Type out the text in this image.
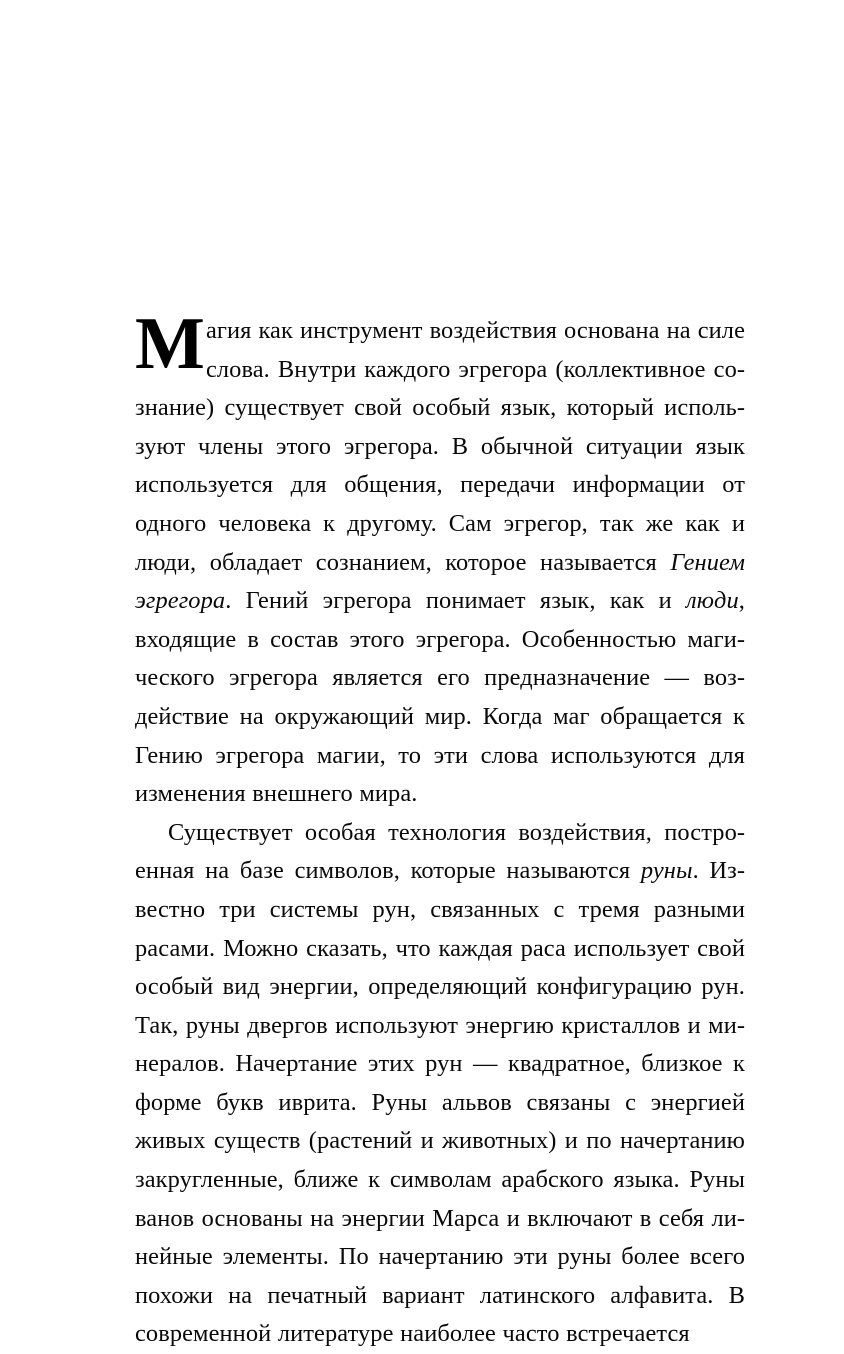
Магия как инструмент воздействия основана на силе слова. Внутри каждого эгрегора (коллективное сознание) существует свой особый язык, который используют члены этого эгрегора. В обычной ситуации язык используется для общения, передачи информации от одного человека к другому. Сам эгрегор, так же как и люди, обладает сознанием, которое называется Гением эгрегора. Гений эгрегора понимает язык, как и люди, входящие в состав этого эгрегора. Особенностью магического эгрегора является его предназначение — воздействие на окружающий мир. Когда маг обращается к Гению эгрегора магии, то эти слова используются для изменения внешнего мира.

Существует особая технология воздействия, построенная на базе символов, которые называются руны. Известно три системы рун, связанных с тремя разными расами. Можно сказать, что каждая раса использует свой особый вид энергии, определяющий конфигурацию рун. Так, руны двергов используют энергию кристаллов и минералов. Начертание этих рун — квадратное, близкое к форме букв иврита. Руны альвов связаны с энергией живых существ (растений и животных) и по начертанию закругленные, ближе к символам арабского языка. Руны ванов основаны на энергии Марса и включают в себя линейные элементы. По начертанию эти руны более всего похожи на печатный вариант латинского алфавита. В современной литературе наиболее часто встречается
